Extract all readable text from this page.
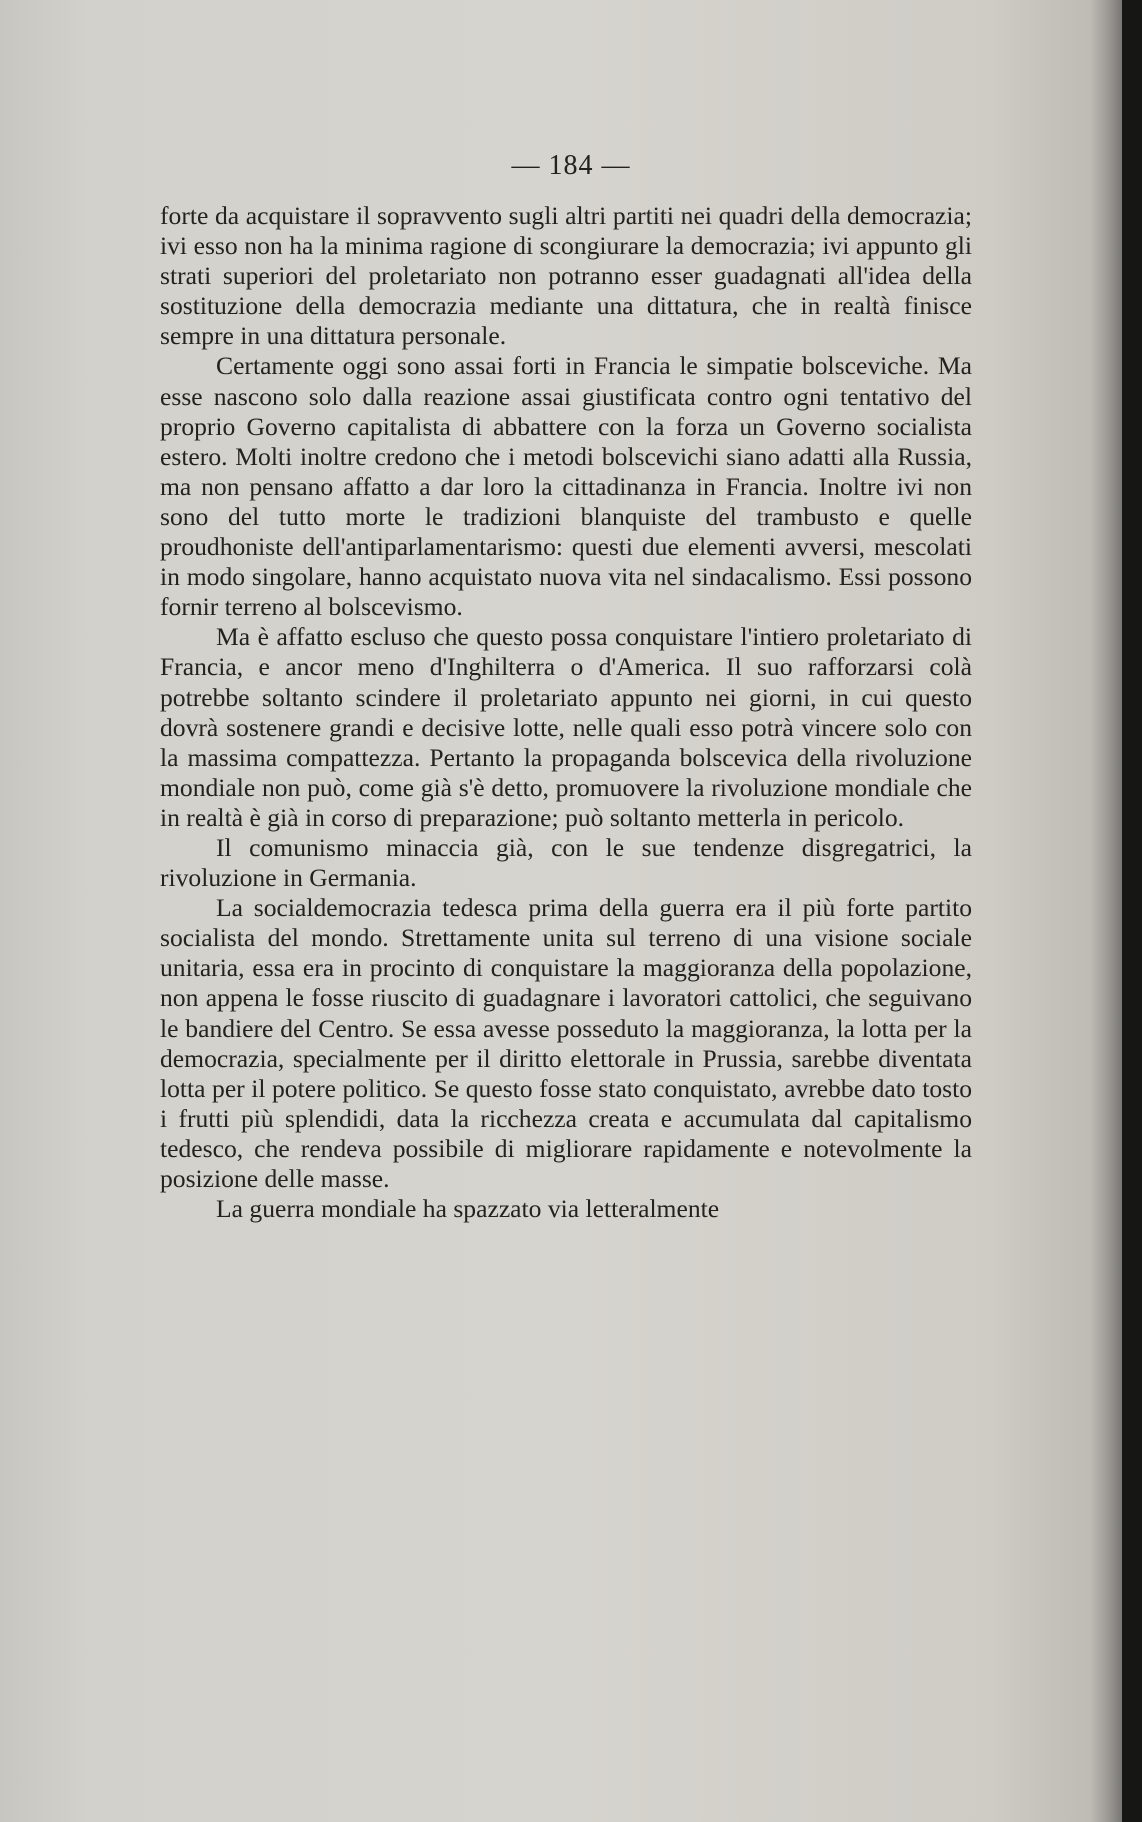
— 184 —

forte da acquistare il sopravvento sugli altri partiti nei quadri della democrazia; ivi esso non ha la minima ragione di scongiurare la democrazia; ivi appunto gli strati superiori del proletariato non potranno esser guadagnati all'idea della sostituzione della democrazia mediante una dittatura, che in realtà finisce sempre in una dittatura personale.

Certamente oggi sono assai forti in Francia le simpatie bolsceviche. Ma esse nascono solo dalla reazione assai giustificata contro ogni tentativo del proprio Governo capitalista di abbattere con la forza un Governo socialista estero. Molti inoltre credono che i metodi bolscevichi siano adatti alla Russia, ma non pensano affatto a dar loro la cittadinanza in Francia. Inoltre ivi non sono del tutto morte le tradizioni blanquiste del trambusto e quelle proudhoniste dell'antiparlamentarismo: questi due elementi avversi, mescolati in modo singolare, hanno acquistato nuova vita nel sindacalismo. Essi possono fornir terreno al bolscevismo.

Ma è affatto escluso che questo possa conquistare l'intiero proletariato di Francia, e ancor meno d'Inghilterra o d'America. Il suo rafforzarsi colà potrebbe soltanto scindere il proletariato appunto nei giorni, in cui questo dovrà sostenere grandi e decisive lotte, nelle quali esso potrà vincere solo con la massima compattezza. Pertanto la propaganda bolscevica della rivoluzione mondiale non può, come già s'è detto, promuovere la rivoluzione mondiale che in realtà è già in corso di preparazione; può soltanto metterla in pericolo.

Il comunismo minaccia già, con le sue tendenze disgregatrici, la rivoluzione in Germania.

La socialdemocrazia tedesca prima della guerra era il più forte partito socialista del mondo. Strettamente unita sul terreno di una visione sociale unitaria, essa era in procinto di conquistare la maggioranza della popolazione, non appena le fosse riuscito di guadagnare i lavoratori cattolici, che seguivano le bandiere del Centro. Se essa avesse posseduto la maggioranza, la lotta per la democrazia, specialmente per il diritto elettorale in Prussia, sarebbe diventata lotta per il potere politico. Se questo fosse stato conquistato, avrebbe dato tosto i frutti più splendidi, data la ricchezza creata e accumulata dal capitalismo tedesco, che rendeva possibile di migliorare rapidamente e notevolmente la posizione delle masse.

La guerra mondiale ha spazzato via letteralmente
